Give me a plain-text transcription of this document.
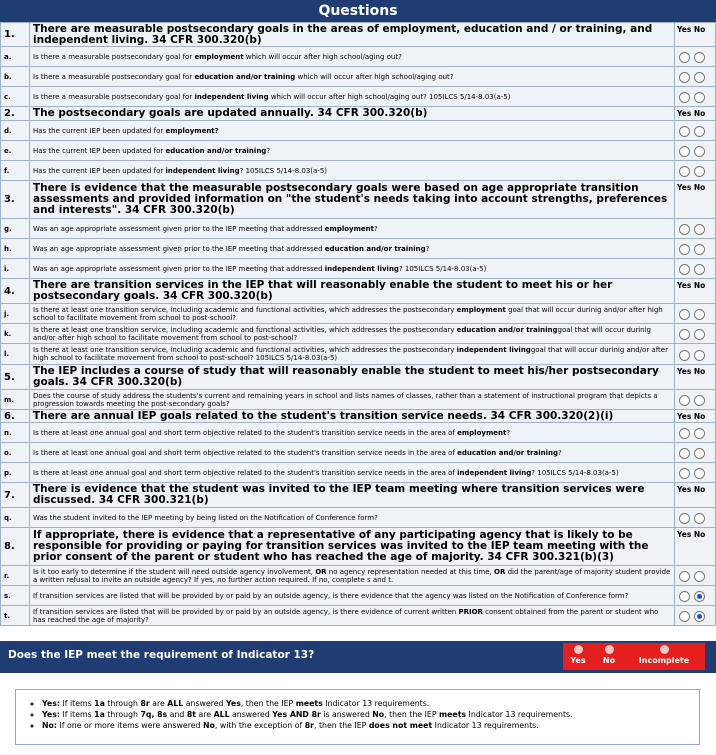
Questions
1.	There are measurable postsecondary goals in the areas of employment, education and / or training, and independent living. 34 CFR 300.320(b)	Yes No
a.	Is there a measurable postsecondary goal for employment which will occur after high school/aging out?	
b.	Is there a measurable postsecondary goal for education and/or training which will occur after high school/aging out?	
c.	Is there a measurable postsecondary goal for independent living which will occur after high school/aging out? 105ILCS 5/14-8.03(a-5)	
2.	The postsecondary goals are updated annually. 34 CFR 300.320(b)	Yes No
d.	Has the current IEP been updated for employment?	
e.	Has the current IEP been updated for education and/or training?	
f.	Has the current IEP been updated for independent living? 105ILCS 5/14-8.03(a-5)	
3.	There is evidence that the measurable postsecondary goals were based on age appropriate transition assessments and provided information on "the student's needs taking into account strengths, preferences and interests". 34 CFR 300.320(b)	Yes No
g.	Was an age appropriate assessment given prior to the IEP meeting that addressed employment?	
h.	Was an age appropriate assessment given prior to the IEP meeting that addressed education and/or training?	
i.	Was an age appropriate assessment given prior to the IEP meeting that addressed independent living? 105ILCS 5/14-8.03(a-5)	
4.	There are transition services in the IEP that will reasonably enable the student to meet his or her postsecondary goals. 34 CFR 300.320(b)	Yes No
j.	Is there at least one transition service, including academic and functional activities, which addresses the postsecondary employment goal that will occur durinig and/or after high school to facilitate movement from school to post-school?	
k.	Is there at least one transition service, including academic and functional activities, which addresses the postsecondary education and/or traininggoal that will occur durinig and/or after high school to facilitate movement from school to post-school?	
l.	Is there at least one transition service, including academic and functional activities, which addresses the postsecondary independent livinggoal that will occur durinig and/or after high school to facilitate movement from school to post-school? 105ILCS 5/14-8.03(a-5)	
5.	The IEP includes a course of study that will reasonably enable the student to meet his/her postsecondary goals. 34 CFR 300.320(b)	Yes No
m.	Does the course of study address the students's current and remaining years in school and lists names of classes, rather than a statement of instructional program that depicts a progression towards meeting the post-secondary goals?	
6.	There are annual IEP goals related to the student's transition service needs. 34 CFR 300.320(2)(i)	Yes No
n.	Is there at least one annual goal and short term objective related to the student's transition service needs in the area of employment?	
o.	Is there at least one annual goal and short term objective related to the student's transition service needs in the area of education and/or training?	
p.	Is there at least one annual goal and short term objective related to the student's transition service needs in the area of independent living? 105ILCS 5/14-8.03(a-5)	
7.	There is evidence that the student was invited to the IEP team meeting where transition services were discussed. 34 CFR 300.321(b)	Yes No
q.	Was the student invited to the IEP meeting by being listed on the Notification of Conference form?	
8.	If appropriate, there is evidence that a representative of any participating agency that is likely to be responsible for providing or paying for transition services was invited to the IEP team meeting with the prior consent of the parent or student who has reached the age of majority. 34 CFR 300.321(b)(3)	Yes No
r.	Is it too early to determine if the student will need outside agency involvement, OR no agency representation needed at this time, OR did the parent/age of majority student provide a written refusal to invite an outside agency? If yes, no further action required. If no, complete s and t.	
s.	If transition services are listed that will be provided by or paid by an outside agency, is there evidence that the agency was listed on the Notification of Conference form?	
t.	If transition services are listed that will be provided by or paid by an outside agency, is there evidence of current written PRIOR consent obtained from the parent or student who has reached the age of majority?	
Does the IEP meet the requirement of Indicator 13?	Yes	No	Incomplete
◦ Yes: If items 1a through 8r are ALL answered Yes, then the IEP meets Indicator 13 requirements.
◦ Yes: If items 1a through 7q, 8s and 8t are ALL answered Yes AND 8r is answered No, then the IEP meets Indicator 13 requirements.
◦ No: If one or more items were answered No, with the exception of 8r, then the IEP does not meet Indicator 13 requirements.
